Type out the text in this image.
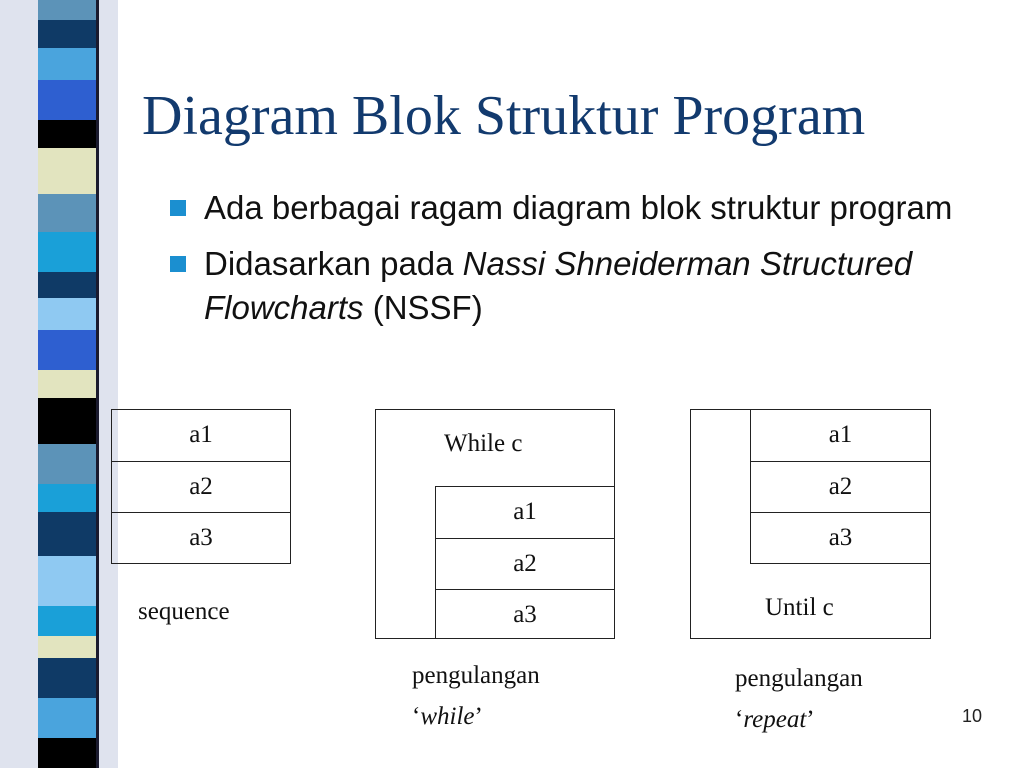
Diagram Blok Struktur Program
Ada berbagai ragam diagram blok struktur program
Didasarkan pada Nassi Shneiderman Structured Flowcharts (NSSF)
a1
a2
a3
sequence
While c
a1
a2
a3
pengulangan
‘while’
a1
a2
a3
Until c
pengulangan
‘repeat’	10
